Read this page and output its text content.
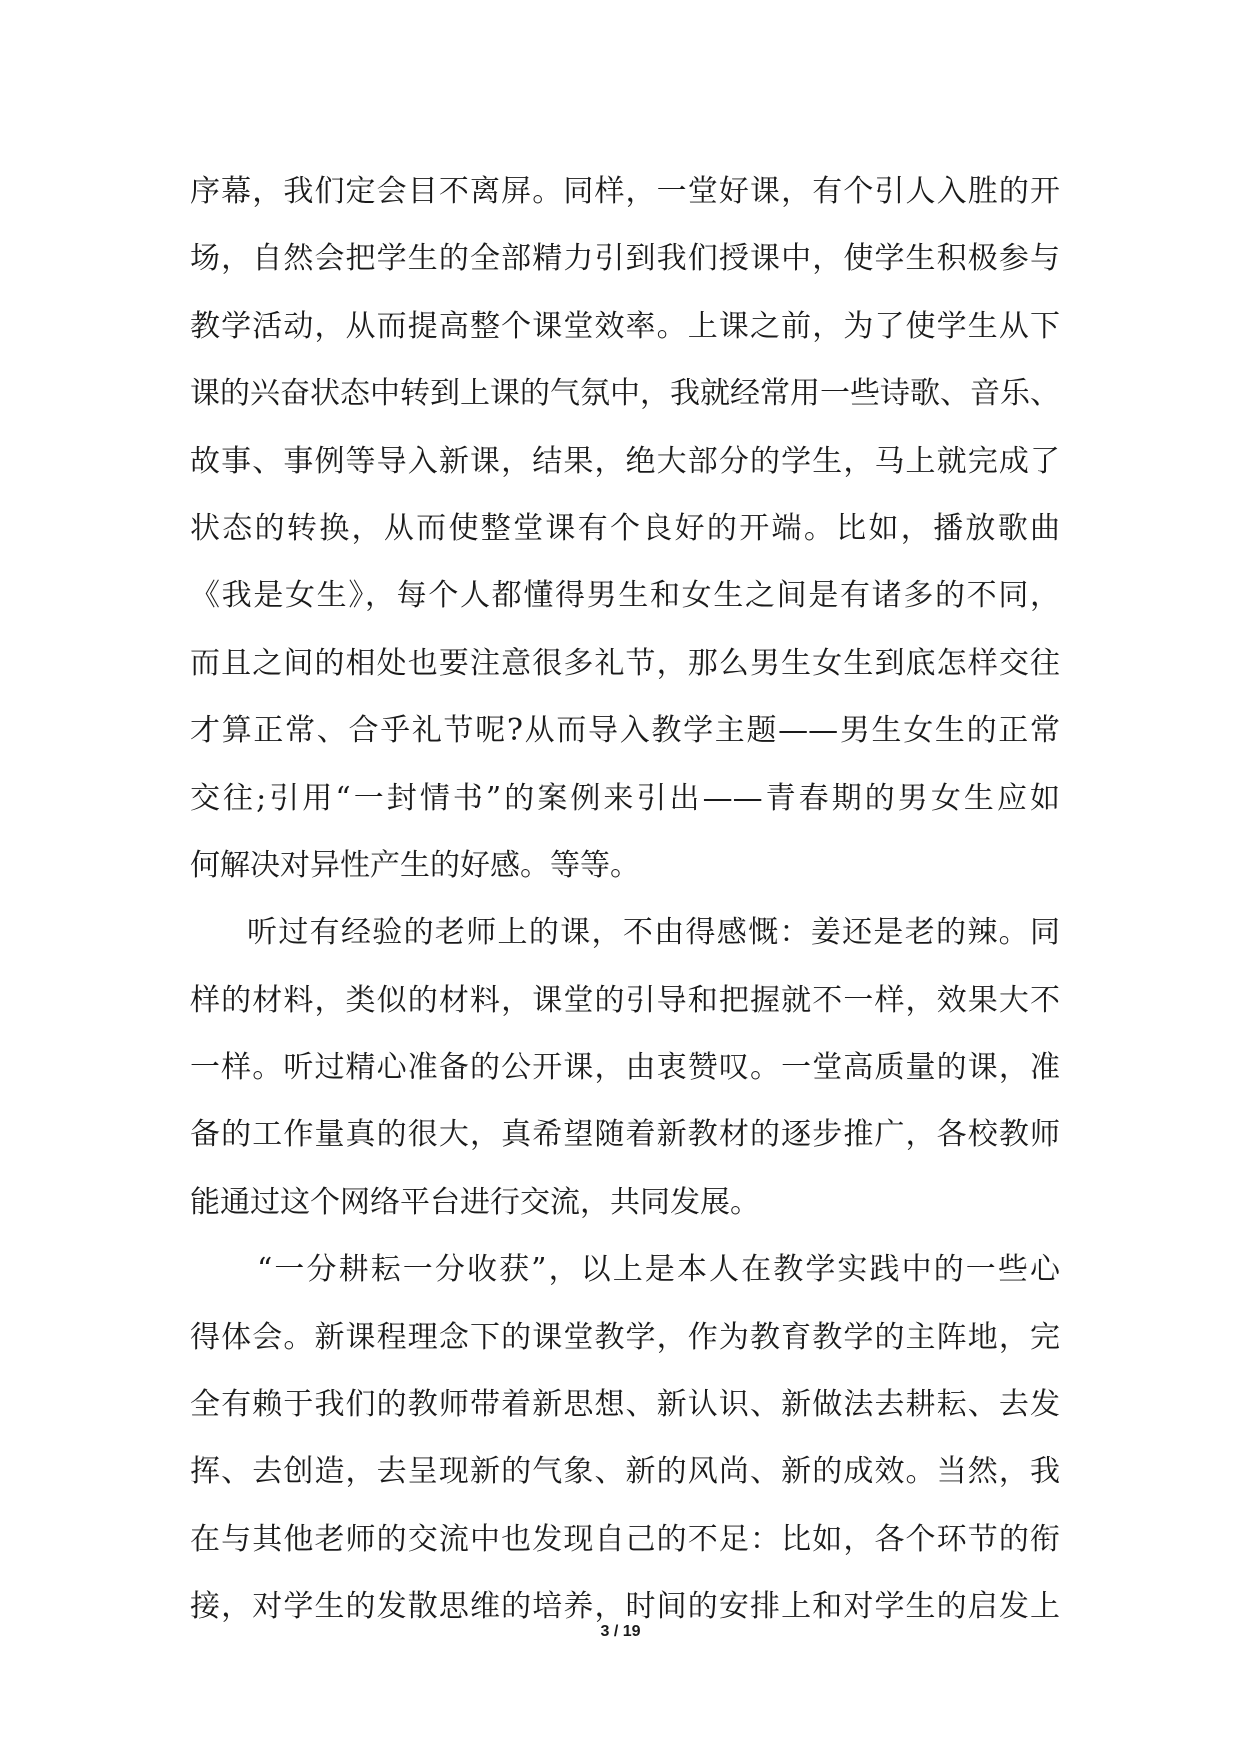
序幕，我们定会目不离屏。同样，一堂好课，有个引人入胜的开
场，自然会把学生的全部精力引到我们授课中，使学生积极参与
教学活动，从而提高整个课堂效率。上课之前，为了使学生从下
课的兴奋状态中转到上课的气氛中，我就经常用一些诗歌、音乐、
故事、事例等导入新课，结果，绝大部分的学生，马上就完成了
状态的转换，从而使整堂课有个良好的开端。比如，播放歌曲
《我是女生》，每个人都懂得男生和女生之间是有诸多的不同，
而且之间的相处也要注意很多礼节，那么男生女生到底怎样交往
才算正常、合乎礼节呢?从而导入教学主题——男生女生的正常
交往;引用“一封情书”的案例来引出——青春期的男女生应如
何解决对异性产生的好感。等等。
听过有经验的老师上的课，不由得感慨：姜还是老的辣。同
样的材料，类似的材料，课堂的引导和把握就不一样，效果大不
一样。听过精心准备的公开课，由衷赞叹。一堂高质量的课，准
备的工作量真的很大，真希望随着新教材的逐步推广，各校教师
能通过这个网络平台进行交流，共同发展。
“一分耕耘一分收获”，以上是本人在教学实践中的一些心
得体会。新课程理念下的课堂教学，作为教育教学的主阵地，完
全有赖于我们的教师带着新思想、新认识、新做法去耕耘、去发
挥、去创造，去呈现新的气象、新的风尚、新的成效。当然，我
在与其他老师的交流中也发现自己的不足：比如，各个环节的衔
接，对学生的发散思维的培养，时间的安排上和对学生的启发上
3 / 19
